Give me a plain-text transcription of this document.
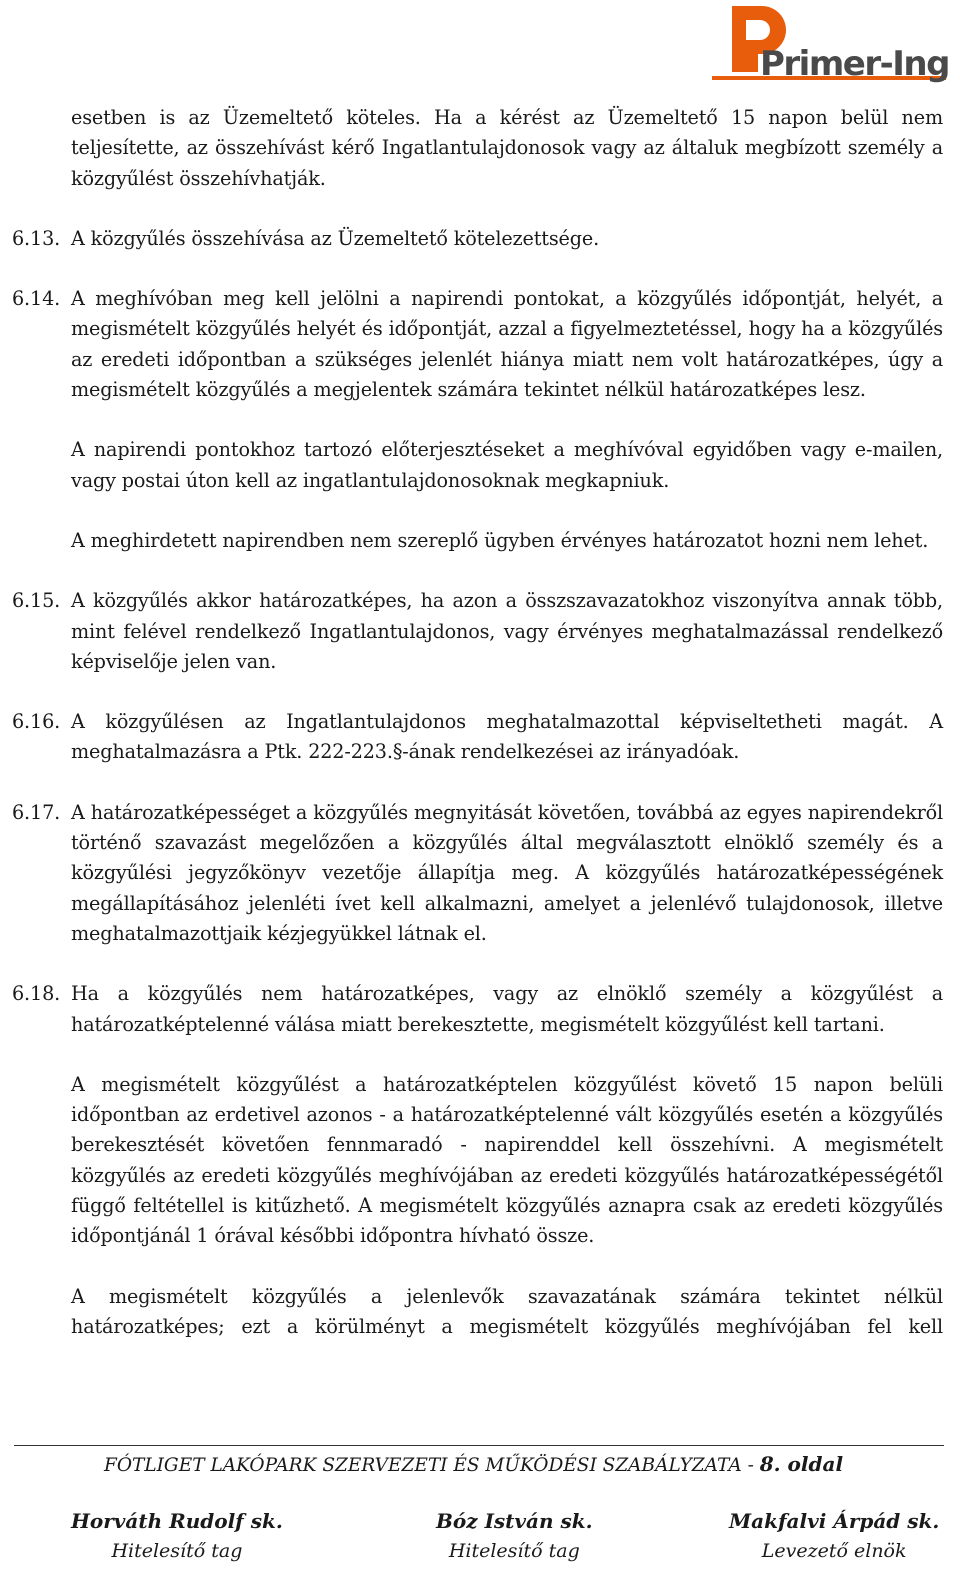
Primer-Ing

esetben is az Üzemeltető köteles. Ha a kérést az Üzemeltető 15 napon belül nem teljesítette, az összehívást kérő Ingatlantulajdonosok vagy az általuk megbízott személy a közgyűlést összehívhatják.

6.13. A közgyűlés összehívása az Üzemeltető kötelezettsége.
6.14. A meghívóban meg kell jelölni a napirendi pontokat, a közgyűlés időpontját, helyét, a megismételt közgyűlés helyét és időpontját, azzal a figyelmeztetéssel, hogy ha a közgyűlés az eredeti időpontban a szükséges jelenlét hiánya miatt nem volt határozatképes, úgy a megismételt közgyűlés a megjelentek számára tekintet nélkül határozatképes lesz.

A napirendi pontokhoz tartozó előterjesztéseket a meghívóval egyidőben vagy e-mailen, vagy postai úton kell az ingatlantulajdonosoknak megkapniuk.

A meghirdetett napirendben nem szereplő ügyben érvényes határozatot hozni nem lehet.

6.15. A közgyűlés akkor határozatképes, ha azon a összszavazatokhoz viszonyítva annak több, mint felével rendelkező Ingatlantulajdonos, vagy érvényes meghatalmazással rendelkező képviselője jelen van.
6.16. A közgyűlésen az Ingatlantulajdonos meghatalmazottal képviseltetheti magát. A meghatalmazásra a Ptk. 222-223.§-ának rendelkezései az irányadóak.
6.17. A határozatképességet a közgyűlés megnyitását követően, továbbá az egyes napirendekről történő szavazást megelőzően a közgyűlés által megválasztott elnöklő személy és a közgyűlési jegyzőkönyv vezetője állapítja meg. A közgyűlés határozatképességének megállapításához jelenléti ívet kell alkalmazni, amelyet a jelenlévő tulajdonosok, illetve meghatalmazottjaik kézjegyükkel látnak el.
6.18. Ha a közgyűlés nem határozatképes, vagy az elnöklő személy a közgyűlést a határozatképtelenné válása miatt berekesztette, megismételt közgyűlést kell tartani.

A megismételt közgyűlést a határozatképtelen közgyűlést követő 15 napon belüli időpontban az erdetivel azonos - a határozatképtelenné vált közgyűlés esetén a közgyűlés berekesztését követően fennmaradó - napirenddel kell összehívni. A megismételt közgyűlés az eredeti közgyűlés meghívójában az eredeti közgyűlés határozatképességétől függő feltétellel is kitűzhető. A megismételt közgyűlés aznapra csak az eredeti közgyűlés időpontjánál 1 órával későbbi időpontra hívható össze.

A megismételt közgyűlés a jelenlevők szavazatának számára tekintet nélkül határozatképes; ezt a körülményt a megismételt közgyűlés meghívójában fel kell

FÓTLIGET LAKÓPARK SZERVEZETI ÉS MŰKÖDÉSI SZABÁLYZATA - 8. oldal
Horváth Rudolf sk.
Hitelesítő tag
Bóz István sk.
Hitelesítő tag
Makfalvi Árpád sk.
Levezető elnök
